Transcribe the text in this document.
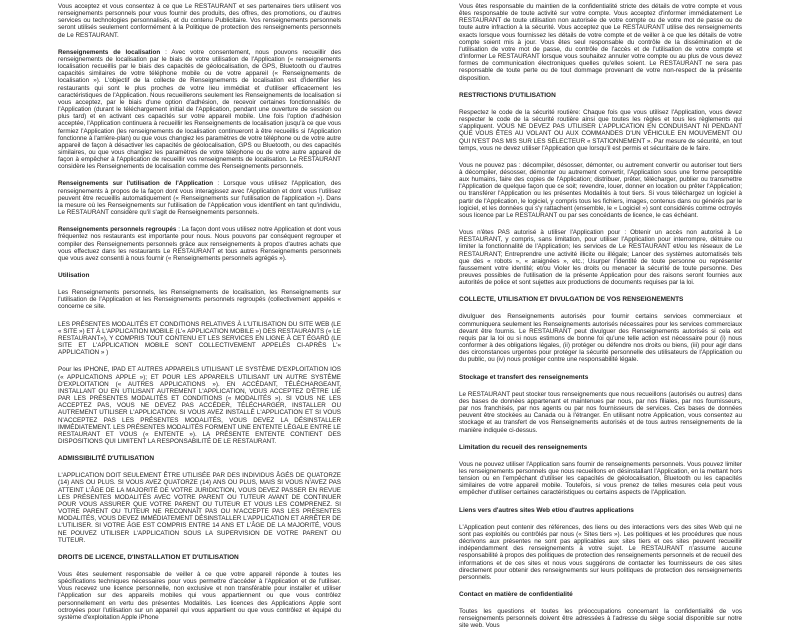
Vous acceptez et vous consentez à ce que Le RESTAURANT et ses partenaires tiers utilisent vos renseignements personnels pour vous fournir des produits, des offres, des promotions, ou d'autres services ou technologies personnalisés, et du contenu Publicitaire. Vos renseignements personnels seront utilisés seulement conformément à la Politique de protection des renseignements personnels de Le RESTAURANT.

Renseignements de localisation : Avec votre consentement, nous pouvons recueillir des renseignements de localisation par le biais de votre utilisation de l'Application (« renseignements localisation recueillis par le biais des capacités de géolocalisation, de GPS, Bluetooth ou d'autres capacités similaires de votre téléphone mobile ou de votre appareil (« Renseignements de localisation »). L'objectif de la collecte de Renseignements de localisation est d'identifier les restaurants qui sont le plus proches de votre lieu immédiat et d'utiliser efficacement les caractéristiques de l'Application. Nous recueillerons seulement les Renseignements de localisation si vous acceptez, par le biais d'une option d'adhésion, de recevoir certaines fonctionnalités de l'Application (durant le téléchargement initial de l'Application, pendant une ouverture de session ou plus tard) et en activant ces capacités sur votre appareil mobile. Une fois l'option d'adhésion acceptée, l'Application continuera à recueillir les Renseignements de localisation jusqu'à ce que vous fermiez l'Application (les renseignements de localisation continueront à être recueillis si l'Application fonctionne à l'arrière-plan) ou que vous changiez les paramètres de votre téléphone ou de votre autre appareil de façon à désactiver les capacités de géolocalisation, GPS ou Bluetooth, ou des capacités similaires, ou que vous changiez les paramètres de votre téléphone ou de votre autre appareil de façon à empêcher à l'Application de recueillir vos renseignements de localisation. Le RESTAURANT considère les Renseignements de localisation comme des Renseignements personnels.

Renseignements sur l'utilisation de l'Application : Lorsque vous utilisez l'Application, des renseignements à propos de la façon dont vous interagissez avec l'Application et dont vous l'utilisez peuvent être recueillis automatiquement (« Renseignements sur l'utilisation de l'application »). Dans la mesure où les Renseignements sur l'utilisation de l'Application vous identifient en tant qu'individu, Le RESTAURANT considère qu'il s'agit de Renseignements personnels.

Renseignements personnels regroupés : La façon dont vous utilisez notre Application et dont vous fréquentez nos restaurants est importante pour nous. Nous pouvons par conséquent regrouper et compiler des Renseignements personnels grâce aux renseignements à propos d'autres achats que vous effectuez dans les restaurants Le RESTAURANT et tous autres Renseignements personnels que vous avez consenti à nous fournir (« Renseignements personnels agrégés »).

Utilisation

Les Renseignements personnels, les Renseignements de localisation, les Renseignements sur l'utilisation de l'Application et les Renseignements personnels regroupés (collectivement appelés « concerne ce site.

LES PRÉSENTES MODALITÉS ET CONDITIONS RELATIVES À L'UTILISATION DU SITE WEB (LE « SITE ») ET À L'APPLICATION MOBILE (L'« APPLICATION MOBILE ») DES RESTAURANTS (« LE RESTAURANT»), Y COMPRIS TOUT CONTENU ET LES SERVICES EN LIGNE À CET ÉGARD (LE SITE ET L'APPLICATION MOBILE SONT COLLECTIVEMENT APPELÉS CI-APRÈS L'« APPLICATION » )

Pour les IPHONE, IPAD ET AUTRES APPAREILS UTILISANT LE SYSTÈME D'EXPLOITATION IOS (« APPLICATIONS APPLE »); ET POUR LES APPAREILS UTILISANT UN AUTRE SYSTÈME D'EXPLOITATION (« AUTRES APPLICATIONS »). EN ACCÉDANT, TÉLÉCHARGEANT, INSTALLANT OU EN UTILISANT AUTREMENT L'APPLICATION, VOUS ACCEPTEZ D'ÊTRE LIÉ PAR LES PRÉSENTES MODALITÉS ET CONDITIONS (« MODALITÉS »). SI VOUS NE LES ACCEPTEZ PAS, VOUS NE DEVEZ PAS ACCÉDER, TÉLÉCHARGER, INSTALLER OU AUTREMENT UTILISER L'APPLICATION. SI VOUS AVEZ INSTALLÉ L'APPLICATION ET SI VOUS N'ACCEPTEZ PAS LES PRÉSENTES MODALITÉS, VOUS DEVEZ LA DÉSINSTALLER IMMÉDIATEMENT. LES PRÉSENTES MODALITÉS FORMENT UNE ENTENTE LÉGALE ENTRE LE RESTAURANT ET VOUS (« ENTENTE »). LA PRÉSENTE ENTENTE CONTIENT DES DISPOSITIONS QUI LIMITENT LA RESPONSABILITÉ DE LE RESTAURANT.

ADMISSIBILITÉ D'UTILISATION

L'APPLICATION DOIT SEULEMENT ÊTRE UTILISÉE PAR DES INDIVIDUS ÂGÉS DE QUATORZE (14) ANS OU PLUS. SI VOUS AVEZ QUATORZE (14) ANS OU PLUS, MAIS SI VOUS N'AVEZ PAS ATTEINT L'ÂGE DE LA MAJORITÉ DE VOTRE JURIDICTION, VOUS DEVEZ PASSER EN REVUE LES PRÉSENTES MODALITÉS AVEC VOTRE PARENT OU TUTEUR AVANT DE CONTINUER POUR VOUS ASSURER QUE VOTRE PARENT OU TUTEUR ET VOUS LES COMPRENEZ. SI VOTRE PARENT OU TUTEUR NE RECONNAÎT PAS OU N'ACCEPTE PAS LES PRÉSENTES MODALITÉS, VOUS DEVEZ IMMÉDIATEMENT DÉSINSTALLER L'APPLICATION ET ARRÊTER DE L'UTILISER. SI VOTRE ÂGE EST COMPRIS ENTRE 14 ANS ET L'ÂGE DE LA MAJORITÉ, VOUS NE POUVEZ UTILISER L'APPLICATION SOUS LA SUPERVISION DE VOTRE PARENT OU TUTEUR.

DROITS DE LICENCE, D'INSTALLATION ET D'UTILISATION

Vous êtes seulement responsable de veiller à ce que votre appareil réponde à toutes les spécifications techniques nécessaires pour vous permettre d'accéder à l'Application et de l'utiliser. Vous recevez une licence personnelle, non exclusive et non transférable pour installer et utiliser l'Application sur des appareils mobiles qui vous appartiennent ou que vous contrôlez personnellement en vertu des présentes Modalités. Les licences des Applications Apple sont octroyées pour l'utilisation sur un appareil qui vous appartient ou que vous contrôlez et équipé du système d'exploitation Apple iPhone

Vous êtes responsable du maintien de la confidentialité stricte des détails de votre compte et vous êtes responsable de toute activité sur votre compte. Vous acceptez d'informer immédiatement Le RESTAURANT de toute utilisation non autorisée de votre compte ou de votre mot de passe ou de toute autre infraction à la sécurité. Vous acceptez que Le RESTAURANT utilise des renseignements exacts lorsque vous fournissez les détails de votre compte et de veiller à ce que les détails de votre compte soient mis à jour. Vous êtes seul responsable du contrôle de la dissémination et de l'utilisation de votre mot de passe, du contrôle de l'accès et de l'utilisation de votre compte et d'informer Le RESTAURANT lorsque vous souhaitez annuler votre compte ou au plus de vous devez formes de communication électroniques quelles qu'elles soient. Le RESTAURANT ne sera pas responsable de toute perte ou de tout dommage provenant de votre non-respect de la présente disposition.

RESTRICTIONS D'UTILISATION

Respectez le code de la sécurité routière: Chaque fois que vous utilisez l'Application, vous devez respecter le code de la sécurité routière ainsi que toutes les règles et tous les règlements qui s'appliquent. VOUS NE DEVEZ PAS UTILISER L'APPLICATION EN CONDUISANT NI PENDANT QUE VOUS ÊTES AU VOLANT OU AUX COMMANDES D'UN VÉHICULE EN MOUVEMENT OU QUI N'EST PAS MIS SUR LES SÉLECTEUR « STATIONNEMENT ». Par mesure de sécurité, en tout temps, vous ne devez utiliser l'Application que lorsqu'il est permis et sécuritaire de le faire.

Vous ne pouvez pas : décompiler, désosser, démonter, ou autrement convertir ou autoriser tout tiers à décompiler, désosser, démonter ou autrement convertir, l'Application sous une forme perceptible aux humains, faire des copies de l'Application; distribuer, prêter, télécharger, publier ou transmettre l'Application de quelque façon que ce soit; revendre, louer, donner en location ou prêter l'Application; ou transférer l'Application ou les présentes Modalités à tout tiers. Si vous téléchargez un logiciel à partir de l'Application, le logiciel, y compris tous les fichiers, images, contenus dans ou générés par le logiciel, et les données qui s'y rattachent (ensemble, le « Logiciel ») sont considérés comme octroyés sous licence par Le RESTAURANT ou par ses concédants de licence, le cas échéant.

Vous n'êtes PAS autorisé à utiliser l'Application pour : Obtenir un accès non autorisé à Le RESTAURANT, y compris, sans limitation, pour utiliser l'Application pour interrompre, détruire ou limiter la fonctionnalité de l'Application; les services de Le RESTAURANT et/ou les réseaux de Le RESTAURANT; Entreprendre une activité illicite ou illégale; Lancer des systèmes automatisés tels que des « robots », « araignées », etc.; Usurper l'identité de toute personne ou représenter faussement votre identité; et/ou Violer les droits ou menacer la sécurité de toute personne. Des preuves possibles de l'utilisation de la présente Application pour des raisons seront fournies aux autorités de police et sont sujettes aux productions de documents requises par la loi.

COLLECTE, UTILISATION ET DIVULGATION DE VOS RENSEIGNEMENTS

divulguer des Renseignements autorisés pour fournir certains services commerciaux et communiquera seulement les Renseignements autorisés nécessaires pour les services commerciaux devant être fournis. Le RESTAURANT peut divulguer des Renseignements autorisés si cela est requis par la loi ou si nous estimons de bonne foi qu'une telle action est nécessaire pour (i) nous conformer à des obligations légales, (ii) protéger ou défendre nos droits ou biens, (iii) pour agir dans des circonstances urgentes pour protéger la sécurité personnelle des utilisateurs de l'Application ou du public, ou (iv) nous protéger contre une responsabilité légale.

Stockage et transfert des renseignements

Le RESTAURANT peut stocker tous renseignements que nous recueillons (autorisés ou autres) dans des bases de données appartenant et maintenues par nous, par nos filiales, par nos fournisseurs, par nos franchisés, par nos agents ou par nos fournisseurs de services. Ces bases de données peuvent être stockées au Canada ou à l'étranger. En utilisant notre Application, vous consentez au stockage et au transfert de vos Renseignements autorisés et de tous autres renseignements de la manière indiquée ci-dessus.

Limitation du recueil des renseignements

Vous ne pouvez utiliser l'Application sans fournir de renseignements personnels. Vous pouvez limiter les renseignements personnels que nous recueillons en désinstallant l'Application, en la mettant hors tension ou en l'empêchant d'utiliser les capacités de géolocalisation, Bluetooth ou les capacités similaires de votre appareil mobile. Toutefois, si vous prenez de telles mesures cela peut vous empêcher d'utiliser certaines caractéristiques ou certains aspects de l'Application.

Liens vers d'autres sites Web et/ou d'autres applications

L'Application peut contenir des références, des liens ou des interactions vers des sites Web qui ne sont pas exploités ou contrôlés par nous (« Sites tiers »). Les politiques et les procédures que nous décrivons aux présentes ne sont pas applicables aux sites tiers et ces sites peuvent recueillir indépendamment des renseignements à votre sujet. Le RESTAURANT n'assume aucune responsabilité à propos des politiques de protection des renseignements personnels et de recueil des informations et de ces sites et nous vous suggérons de contacter les fournisseurs de ces sites directement pour obtenir des renseignements sur leurs politiques de protection des renseignements personnels.

Contact en matière de confidentialité

Toutes les questions et toutes les préoccupations concernant la confidentialité de vos renseignements personnels doivent être adressées à l'adresse du siège social disponible sur notre site web. Vous
